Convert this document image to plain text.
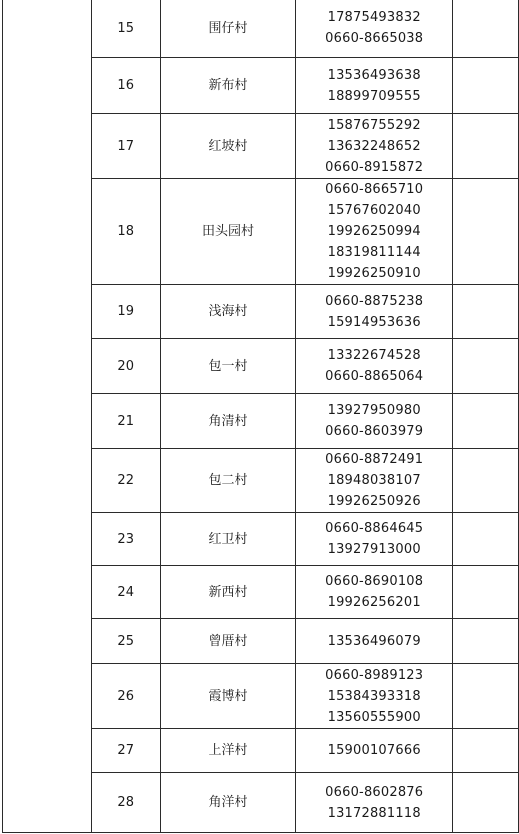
	15	围仔村	17875493832
0660-8665038	

	16	新布村	13536493638
18899709555	

	17	红坡村	15876755292
13632248652
0660-8915872	

	18	田头园村	0660-8665710
15767602040
19926250994
18319811144
19926250910	

	19	浅海村	0660-8875238
15914953636	

	20	包一村	13322674528
0660-8865064	

	21	角清村	13927950980
0660-8603979	

	22	包二村	0660-8872491
18948038107
19926250926	

	23	红卫村	0660-8864645
13927913000	

	24	新西村	0660-8690108
19926256201	

	25	曾厝村	13536496079	

	26	霞博村	0660-8989123
15384393318
13560555900	

	27	上洋村	15900107666	

	28	角洋村	0660-8602876
13172881118	
